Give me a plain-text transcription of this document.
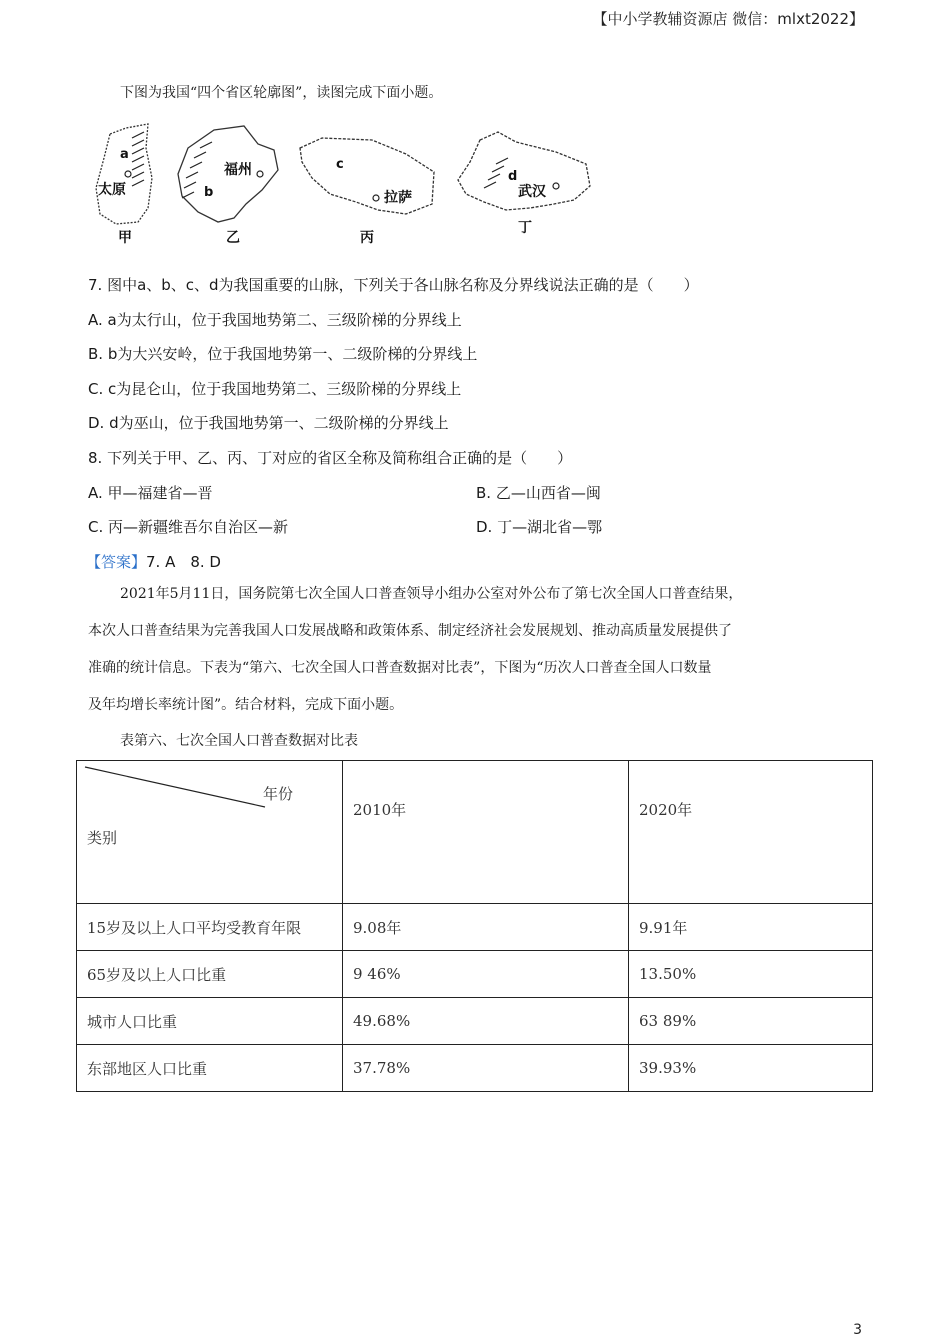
【中小学教辅资源店 微信：mlxt2022】
下图为我国“四个省区轮廓图”，读图完成下面小题。
a
太原
甲
b
福州
乙
c
拉萨
丙
d
武汉
丁
7. 图中a、b、c、d为我国重要的山脉，下列关于各山脉名称及分界线说法正确的是（　　）
A. a为太行山，位于我国地势第二、三级阶梯的分界线上
B. b为大兴安岭，位于我国地势第一、二级阶梯的分界线上
C. c为昆仑山，位于我国地势第二、三级阶梯的分界线上
D. d为巫山，位于我国地势第一、二级阶梯的分界线上
8. 下列关于甲、乙、丙、丁对应的省区全称及简称组合正确的是（　　）
A. 甲—福建省—晋	B. 乙—山西省—闽
C. 丙—新疆维吾尔自治区—新	D. 丁—湖北省—鄂
【答案】7. A　8. D

2021年5月11日，国务院第七次全国人口普查领导小组办公室对外公布了第七次全国人口普查结果，

本次人口普查结果为完善我国人口发展战略和政策体系、制定经济社会发展规划、推动高质量发展提供了

准确的统计信息。下表为“第六、七次全国人口普查数据对比表”，下图为“历次人口普查全国人口数量

及年均增长率统计图”。结合材料，完成下面小题。

表第六、七次全国人口普查数据对比表
年份
类别	2010年	2020年
15岁及以上人口平均受教育年限	9.08年	9.91年
65岁及以上人口比重	9 46%	13.50%
城市人口比重	49.68%	63 89%
东部地区人口比重	37.78%	39.93%
3
